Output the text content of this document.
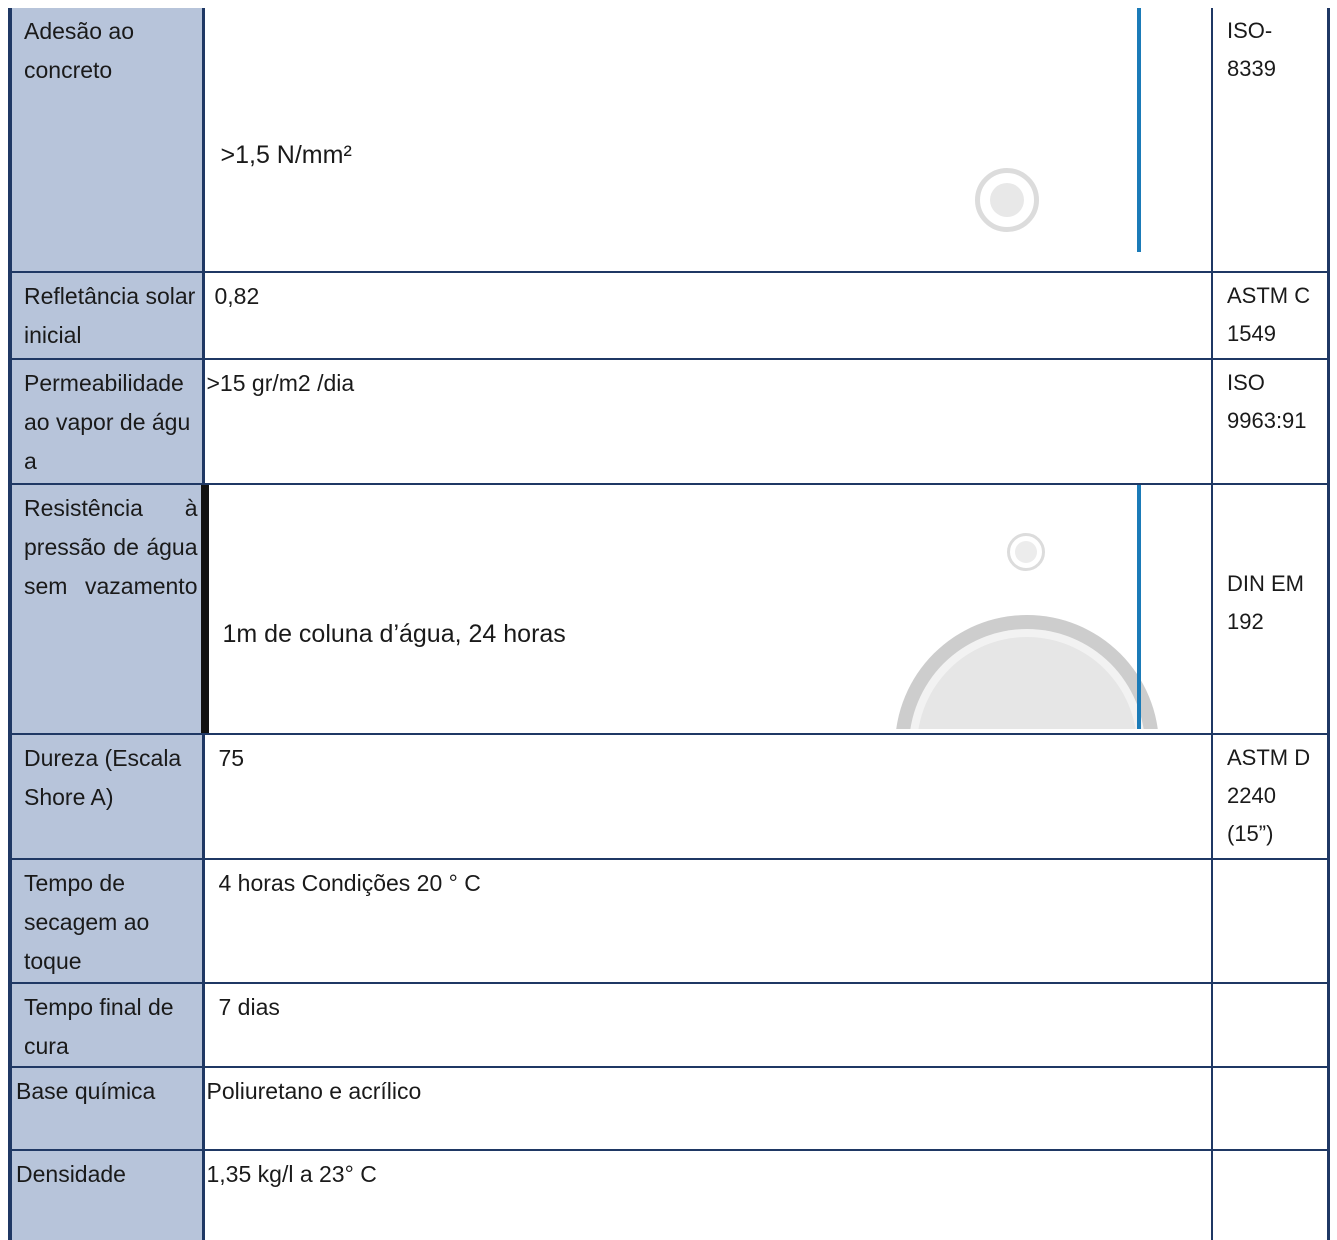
Adesão ao concreto	>1,5 N/mm²	ISO-
8339

Refletância solar inicial	0,82	ASTM C
1549

Permeabilidade ao vapor de água	>15 gr/m2 /dia	ISO
9963:91

Resistência à pressão de água sem vazamento	1m de coluna d’água, 24 horas	DIN EM
192

Dureza (Escala Shore A)	75	ASTM D
2240
(15”)

Tempo de secagem ao toque	4 horas Condições 20 ° C	

Tempo final de cura	7 dias	

Base química	Poliuretano e acrílico	

Densidade	1,35 kg/l a 23° C	
